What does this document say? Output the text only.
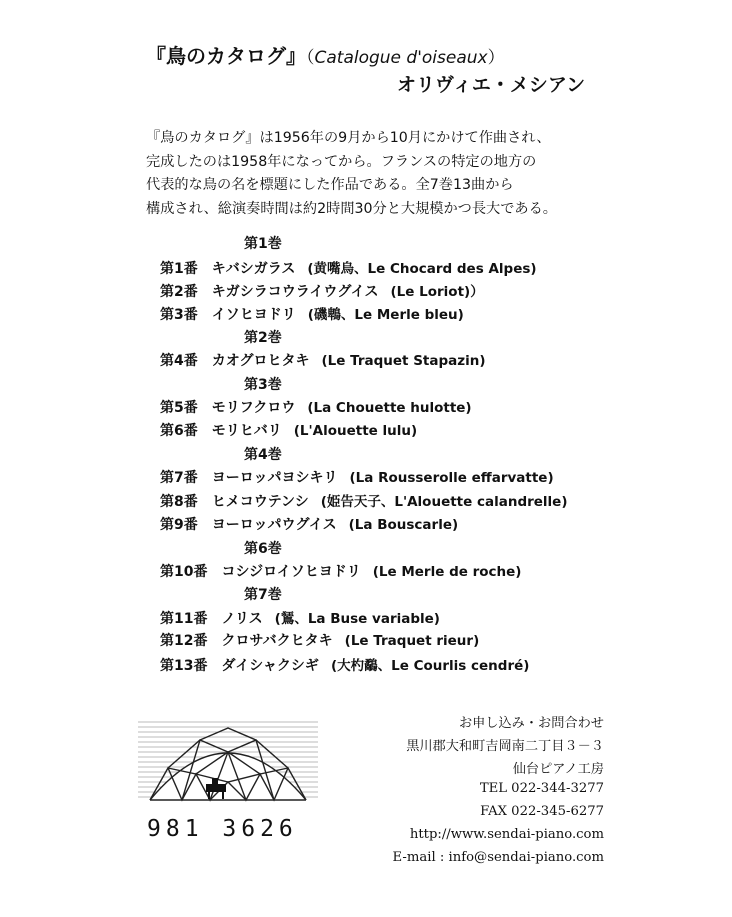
『鳥のカタログ』（Catalogue d'oiseaux）
オリヴィエ・メシアン
『鳥のカタログ』は1956年の9月から10月にかけて作曲され、
完成したのは1958年になってから。フランスの特定の地方の
代表的な鳥の名を標題にした作品である。全7巻13曲から
構成され、総演奏時間は約2時間30分と大規模かつ長大である。
第1巻
第1番 キバシガラス (黄嘴烏、Le Chocard des Alpes)
第2番 キガシラコウライウグイス (Le Loriot)）
第3番 イソヒヨドリ (磯鵯、Le Merle bleu)
第2巻
第4番 カオグロヒタキ (Le Traquet Stapazin)
第3巻
第5番 モリフクロウ (La Chouette hulotte)
第6番 モリヒバリ (L'Alouette lulu)
第4巻
第7番 ヨーロッパヨシキリ (La Rousserolle effarvatte)
第8番 ヒメコウテンシ (姫告天子、L'Alouette calandrelle)
第9番 ヨーロッパウグイス (La Bouscarle)
第6巻
第10番 コシジロイソヒヨドリ (Le Merle de roche)
第7巻
第11番 ノリス (鵟、La Buse variable)
第12番 クロサバクヒタキ (Le Traquet rieur)
第13番 ダイシャクシギ (大杓鷸、Le Courlis cendré)
981 3626
お申し込み・お問合わせ
黒川郡大和町吉岡南二丁目３－３
仙台ピアノ工房
TEL 022-344-3277
FAX 022-345-6277
http://www.sendai-piano.com
E-mail : info@sendai-piano.com
